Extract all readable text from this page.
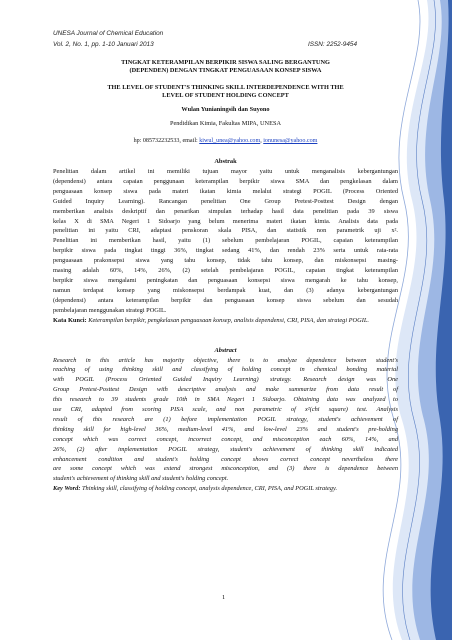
UNESA Journal of Chemical Education
Vol. 2, No. 1, pp. 1-10 Januari 2013	ISSN: 2252-9454

TINGKAT KETERAMPILAN BERPIKIR SISWA SALING BERGANTUNG

(DEPENDEN) DENGAN TINGKAT PENGUASAAN KONSEP SISWA

THE LEVEL OF STUDENT'S THINKING SKILL INTERDEPENDENCE WITH THE

LEVEL OF STUDENT HOLDING CONCEPT

Wulan Yunianingsih dan Suyono
Pendidikan Kimia, Fakultas MIPA, UNESA
hp: 085732232533, email: kiwul_unea@yahoo.com, ionunesa@yahoo.com
Abstrak

Penelitian dalam artikel ini memiliki tujuan mayor yaitu untuk menganalisis kebergantungan

(dependensi) antara capaian penggunaan keterampilan berpikir siswa SMA dan pengkelasan dalam

penguasaan konsep siswa pada materi ikatan kimia melalui strategi POGIL (Process Oriented

Guided Inquiry Learning). Rancangan penelitian One Group Pretest-Posttest Design dengan

memberikan analisis deskriptif dan penarikan simpulan terhadap hasil data penelitian pada 39 siswa

kelas X di SMA Negeri 1 Sidoarjo yang belum menerima materi ikatan kimia. Analisis data pada

penelitian ini yaitu CRI, adaptasi penskoran skala PISA, dan statistik non parametrik uji x².

Penelitian ini memberikan hasil, yaitu (1) sebelum pembelajaran POGIL, capaian keterampilan

berpikir siswa pada tingkat tinggi 36%, tingkat sedang 41%, dan rendah 23% serta untuk rata-rata

penguasaan prakonsepsi siswa yang tahu konsep, tidak tahu konsep, dan miskonsepsi masing-

masing adalah 60%, 14%, 26%, (2) setelah pembelajaran POGIL, capaian tingkat keterampilan

berpikir siswa mengalami peningkatan dan penguasaan konsepsi siswa mengarah ke tahu konsep,

namun terdapat konsep yang miskonsepsi berdampak kuat, dan (3) adanya kebergantungan

(dependensi) antara keterampilan berpikir dan penguasaan konsep siswa sebelum dan sesudah

pembelajaran menggunakan strategi POGIL.

Kata Kunci: Keterampilan berpikir, pengkelasan penguasaan konsep, analisis dependensi, CRI, PISA, dan strategi POGIL.

Abstract

Research in this article has majority objective, there is to analyze dependence between student's

reaching of using thinking skill and classifying of holding concept in chemical bonding material

with POGIL (Process Oriented Guided Inquiry Learning) strategy. Research design was One

Group Pretest-Posttest Design with descriptive analysis and make summarize from data result of

this research to 39 students grade 10th in SMA Negeri 1 Sidoarjo. Obtaining data was analyzed to

use CRI, adapted from scoring PISA scale, and non parametric of x²(chi square) test. Analysis

result of this research are (1) before implementation POGIL strategy, student's achievement of

thinking skill for high-level 36%, medium-level 41%, and low-level 23% and student's pre-holding

concept which was correct concept, incorrect concept, and misconception each 60%, 14%, and

26%, (2) after implementation POGIL strategy, student's achievement of thinking skill indicated

enhancement condition and student's holding concept shows correct concept nevertheless there

are some concept which was extend strongest misconception, and (3) there is dependence between

student's achievement of thinking skill and student's holding concept.

Key Word: Thinking skill, classifying of holding concept, analysis dependence, CRI, PISA, and POGIL strategy.

1
